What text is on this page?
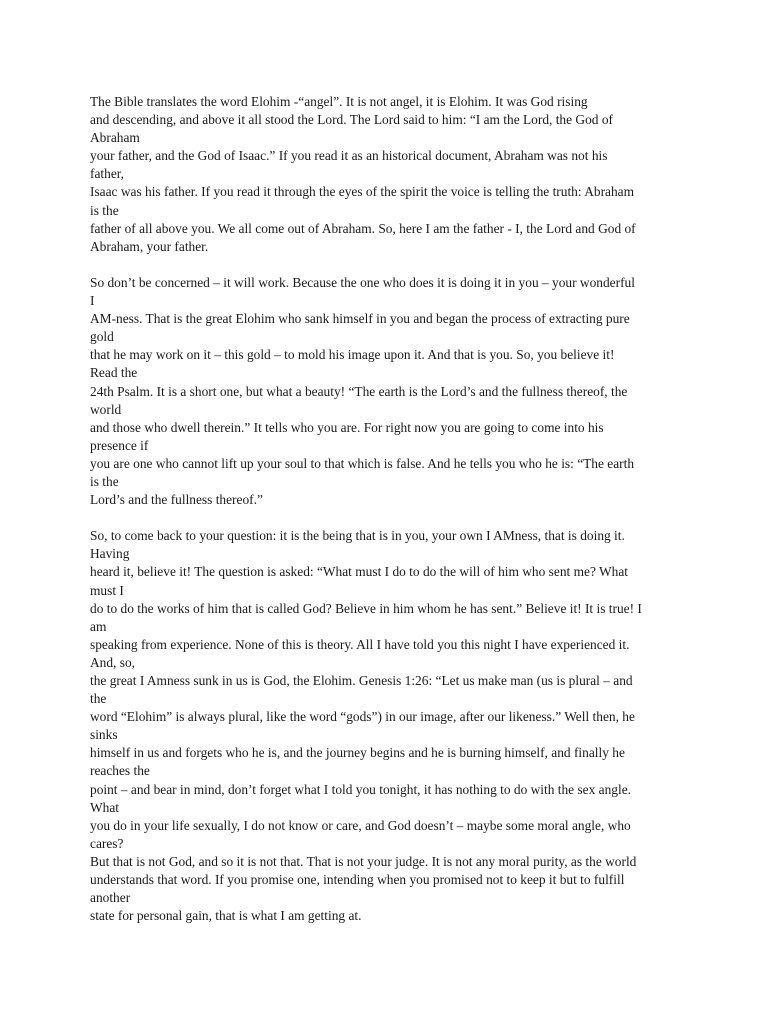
The Bible translates the word Elohim -“angel”. It is not angel, it is Elohim. It was God rising
and descending, and above it all stood the Lord. The Lord said to him: “I am the Lord, the God of
Abraham
your father, and the God of Isaac.” If you read it as an historical document, Abraham was not his
father,
Isaac was his father. If you read it through the eyes of the spirit the voice is telling the truth: Abraham
is the
father of all above you. We all come out of Abraham. So, here I am the father - I, the Lord and God of
Abraham, your father.
So don’t be concerned – it will work. Because the one who does it is doing it in you – your wonderful
I
AM-ness. That is the great Elohim who sank himself in you and began the process of extracting pure
gold
that he may work on it – this gold – to mold his image upon it. And that is you. So, you believe it!
Read the
24th Psalm. It is a short one, but what a beauty! “The earth is the Lord’s and the fullness thereof, the
world
and those who dwell therein.” It tells who you are. For right now you are going to come into his
presence if
you are one who cannot lift up your soul to that which is false. And he tells you who he is: “The earth
is the
Lord’s and the fullness thereof.”
So, to come back to your question: it is the being that is in you, your own I AMness, that is doing it.
Having
heard it, believe it! The question is asked: “What must I do to do the will of him who sent me? What
must I
do to do the works of him that is called God? Believe in him whom he has sent.” Believe it! It is true! I
am
speaking from experience. None of this is theory. All I have told you this night I have experienced it.
And, so,
the great I Amness sunk in us is God, the Elohim. Genesis 1:26: “Let us make man (us is plural – and
the
word “Elohim” is always plural, like the word “gods”) in our image, after our likeness.” Well then, he
sinks
himself in us and forgets who he is, and the journey begins and he is burning himself, and finally he
reaches the
point – and bear in mind, don’t forget what I told you tonight, it has nothing to do with the sex angle.
What
you do in your life sexually, I do not know or care, and God doesn’t – maybe some moral angle, who
cares?
But that is not God, and so it is not that. That is not your judge. It is not any moral purity, as the world
understands that word. If you promise one, intending when you promised not to keep it but to fulfill
another
state for personal gain, that is what I am getting at.
